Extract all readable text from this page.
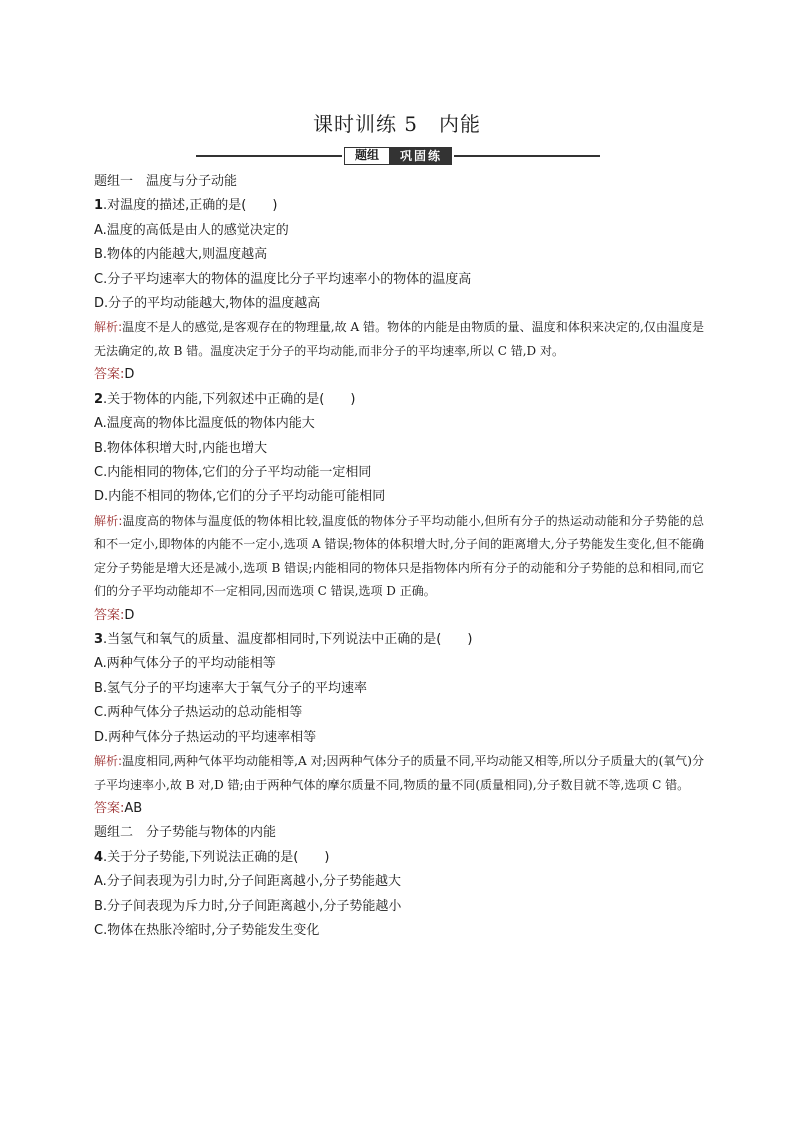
课时训练 5　内能
题组	巩固练
题组一　温度与分子动能
1.对温度的描述,正确的是(　　)
A.温度的高低是由人的感觉决定的
B.物体的内能越大,则温度越高
C.分子平均速率大的物体的温度比分子平均速率小的物体的温度高
D.分子的平均动能越大,物体的温度越高
解析:温度不是人的感觉,是客观存在的物理量,故 A 错。物体的内能是由物质的量、温度和体积来决定的,仅由温度是无法确定的,故 B 错。温度决定于分子的平均动能,而非分子的平均速率,所以 C 错,D 对。
答案:D
2.关于物体的内能,下列叙述中正确的是(　　)
A.温度高的物体比温度低的物体内能大
B.物体体积增大时,内能也增大
C.内能相同的物体,它们的分子平均动能一定相同
D.内能不相同的物体,它们的分子平均动能可能相同
解析:温度高的物体与温度低的物体相比较,温度低的物体分子平均动能小,但所有分子的热运动动能和分子势能的总和不一定小,即物体的内能不一定小,选项 A 错误;物体的体积增大时,分子间的距离增大,分子势能发生变化,但不能确定分子势能是增大还是减小,选项 B 错误;内能相同的物体只是指物体内所有分子的动能和分子势能的总和相同,而它们的分子平均动能却不一定相同,因而选项 C 错误,选项 D 正确。
答案:D
3.当氢气和氧气的质量、温度都相同时,下列说法中正确的是(　　)
A.两种气体分子的平均动能相等
B.氢气分子的平均速率大于氧气分子的平均速率
C.两种气体分子热运动的总动能相等
D.两种气体分子热运动的平均速率相等
解析:温度相同,两种气体平均动能相等,A 对;因两种气体分子的质量不同,平均动能又相等,所以分子质量大的(氧气)分子平均速率小,故 B 对,D 错;由于两种气体的摩尔质量不同,物质的量不同(质量相同),分子数目就不等,选项 C 错。
答案:AB
题组二　分子势能与物体的内能
4.关于分子势能,下列说法正确的是(　　)
A.分子间表现为引力时,分子间距离越小,分子势能越大
B.分子间表现为斥力时,分子间距离越小,分子势能越小
C.物体在热胀冷缩时,分子势能发生变化
